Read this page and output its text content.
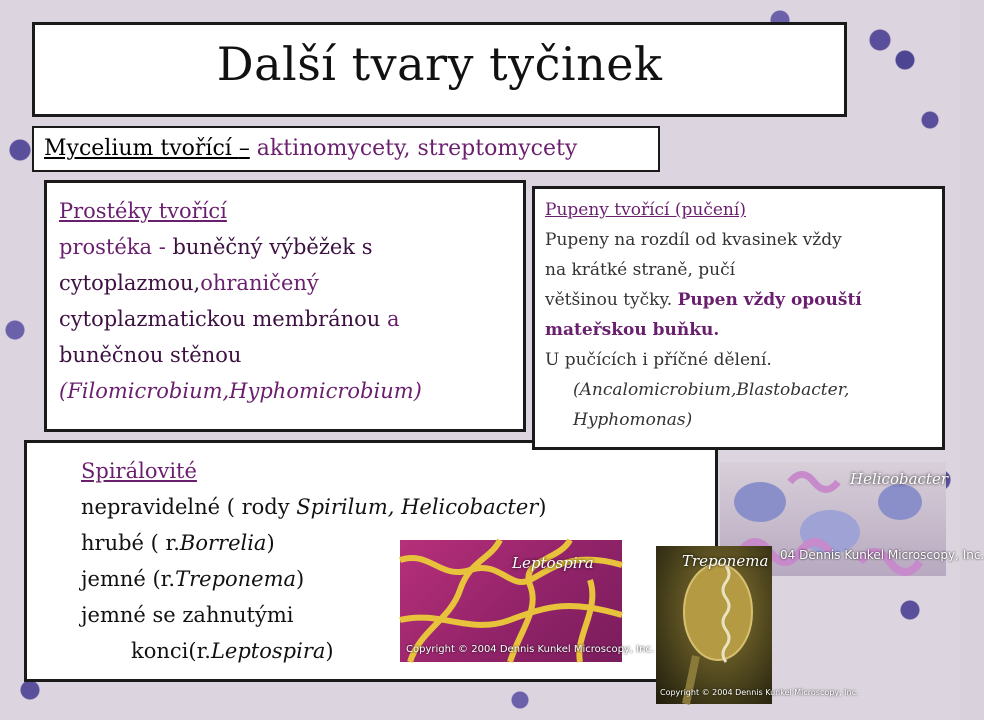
Další tvary tyčinek
Mycelium tvořící – aktinomycety, streptomycety
Prostéky tvořící
prostéka - buněčný výběžek s
cytoplazmou,ohraničený
cytoplazmatickou membránou a
buněčnou stěnou
(Filomicrobium,Hyphomicrobium)
Spirálovité
nepravidelné ( rody Spirilum, Helicobacter)
hrubé ( r.Borrelia)
jemné (r.Treponema)
jemné se zahnutými
konci(r.Leptospira)
Pupeny tvořící (pučení)
Pupeny na rozdíl od kvasinek vždy
na krátké straně, pučí
většinou tyčky. Pupen vždy opouští
mateřskou buňku.
U pučících i příčné dělení.
(Ancalomicrobium,Blastobacter,
Hyphomonas)
Leptospira
Copyright © 2004 Dennis Kunkel Microscopy, Inc.
Helicobacter
04 Dennis Kunkel Microscopy, Inc.
Treponema
Copyright © 2004 Dennis Kunkel Microscopy, Inc.
